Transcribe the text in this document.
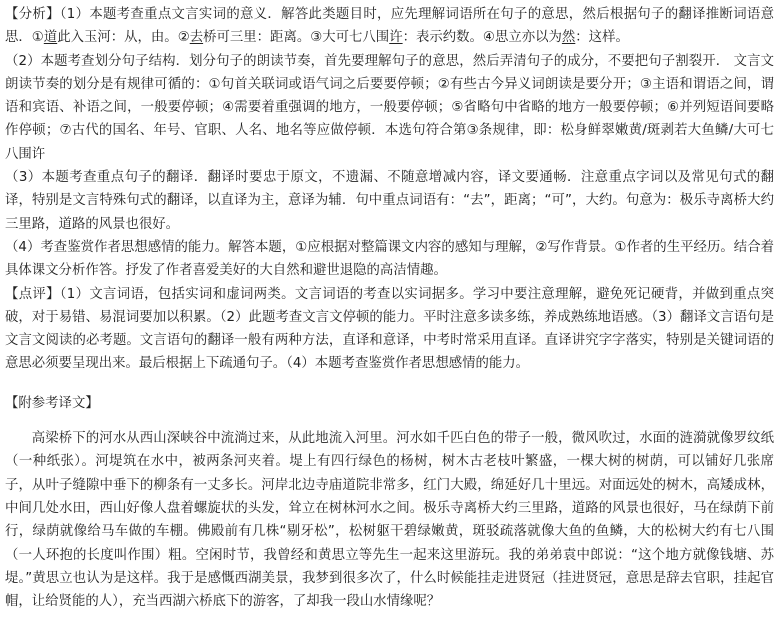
【分析】（1）本题考查重点文言实词的意义．解答此类题目时，应先理解词语所在句子的意思，然后根据句子的翻译推断词语意思．①道此入玉河：从，由。②去桥可三里：距离。③大可七八围许：表示约数。④思立亦以为然：这样。

（2）本题考查划分句子结构．划分句子的朗读节奏，首先要理解句子的意思，然后弄清句子的成分，不要把句子割裂开． 文言文朗读节奏的划分是有规律可循的：①句首关联词或语气词之后要要停顿；②有些古今异义词朗读是要分开；③主语和谓语之间，谓语和宾语、补语之间，一般要停顿；④需要着重强调的地方，一般要停顿；⑤省略句中省略的地方一般要停顿；⑥并列短语间要略作停顿；⑦古代的国名、年号、官职、人名、地名等应做停顿．本选句符合第③条规律，即：松身鲜翠嫩黄/斑剥若大鱼鳞/大可七八围许

（3）本题考查重点句子的翻译．翻译时要忠于原文，不遗漏、不随意增减内容，译文要通畅．注意重点字词以及常见句式的翻译，特别是文言特殊句式的翻译，以直译为主，意译为辅．句中重点词语有：“去”，距离；“可”，大约。句意为：极乐寺离桥大约三里路，道路的风景也很好。

（4）考查鉴赏作者思想感情的能力。解答本题，①应根据对整篇课文内容的感知与理解，②写作背景。①作者的生平经历。结合着具体课文分析作答。抒发了作者喜爱美好的大自然和避世退隐的高洁情趣。

【点评】（1）文言词语，包括实词和虚词两类。文言词语的考查以实词据多。学习中要注意理解，避免死记硬背，并做到重点突破，对于易错、易混词要加以积累。（2）此题考查文言文停顿的能力。平时注意多读多练，养成熟练地语感。（3）翻译文言语句是文言文阅读的必考题。文言语句的翻译一般有两种方法，直译和意译，中考时常采用直译。直译讲究字字落实，特别是关键词语的意思必须要呈现出来。最后根据上下疏通句子。（4）本题考查鉴赏作者思想感情的能力。

【附参考译文】

高梁桥下的河水从西山深峡谷中流淌过来，从此地流入河里。河水如千匹白色的带子一般，微风吹过，水面的涟漪就像罗纹纸（一种纸张）。河堤筑在水中，被两条河夹着。堤上有四行绿色的杨树，树木古老枝叶繁盛，一棵大树的树荫，可以铺好几张席子，从叶子缝隙中垂下的柳条有一丈多长。河岸北边寺庙道院非常多，红门大殿，绵延好几十里远。对面远处的树木，高矮成林，中间几处水田，西山好像人盘着螺旋状的头发，耸立在树林河水之间。极乐寺离桥大约三里路，道路的风景也很好，马在绿荫下前行，绿荫就像给马车做的车棚。佛殿前有几株“剔牙松”，松树躯干碧绿嫩黄，斑驳疏落就像大鱼的鱼鳞，大的松树大约有七八围（一人环抱的长度叫作围）粗。空闲时节，我曾经和黄思立等先生一起来这里游玩。我的弟弟袁中郎说：“这个地方就像钱塘、苏堤。”黄思立也认为是这样。我于是感慨西湖美景，我梦到很多次了，什么时候能挂走进贤冠（挂进贤冠，意思是辞去官职，挂起官帽，让给贤能的人），充当西湖六桥底下的游客，了却我一段山水情缘呢？
